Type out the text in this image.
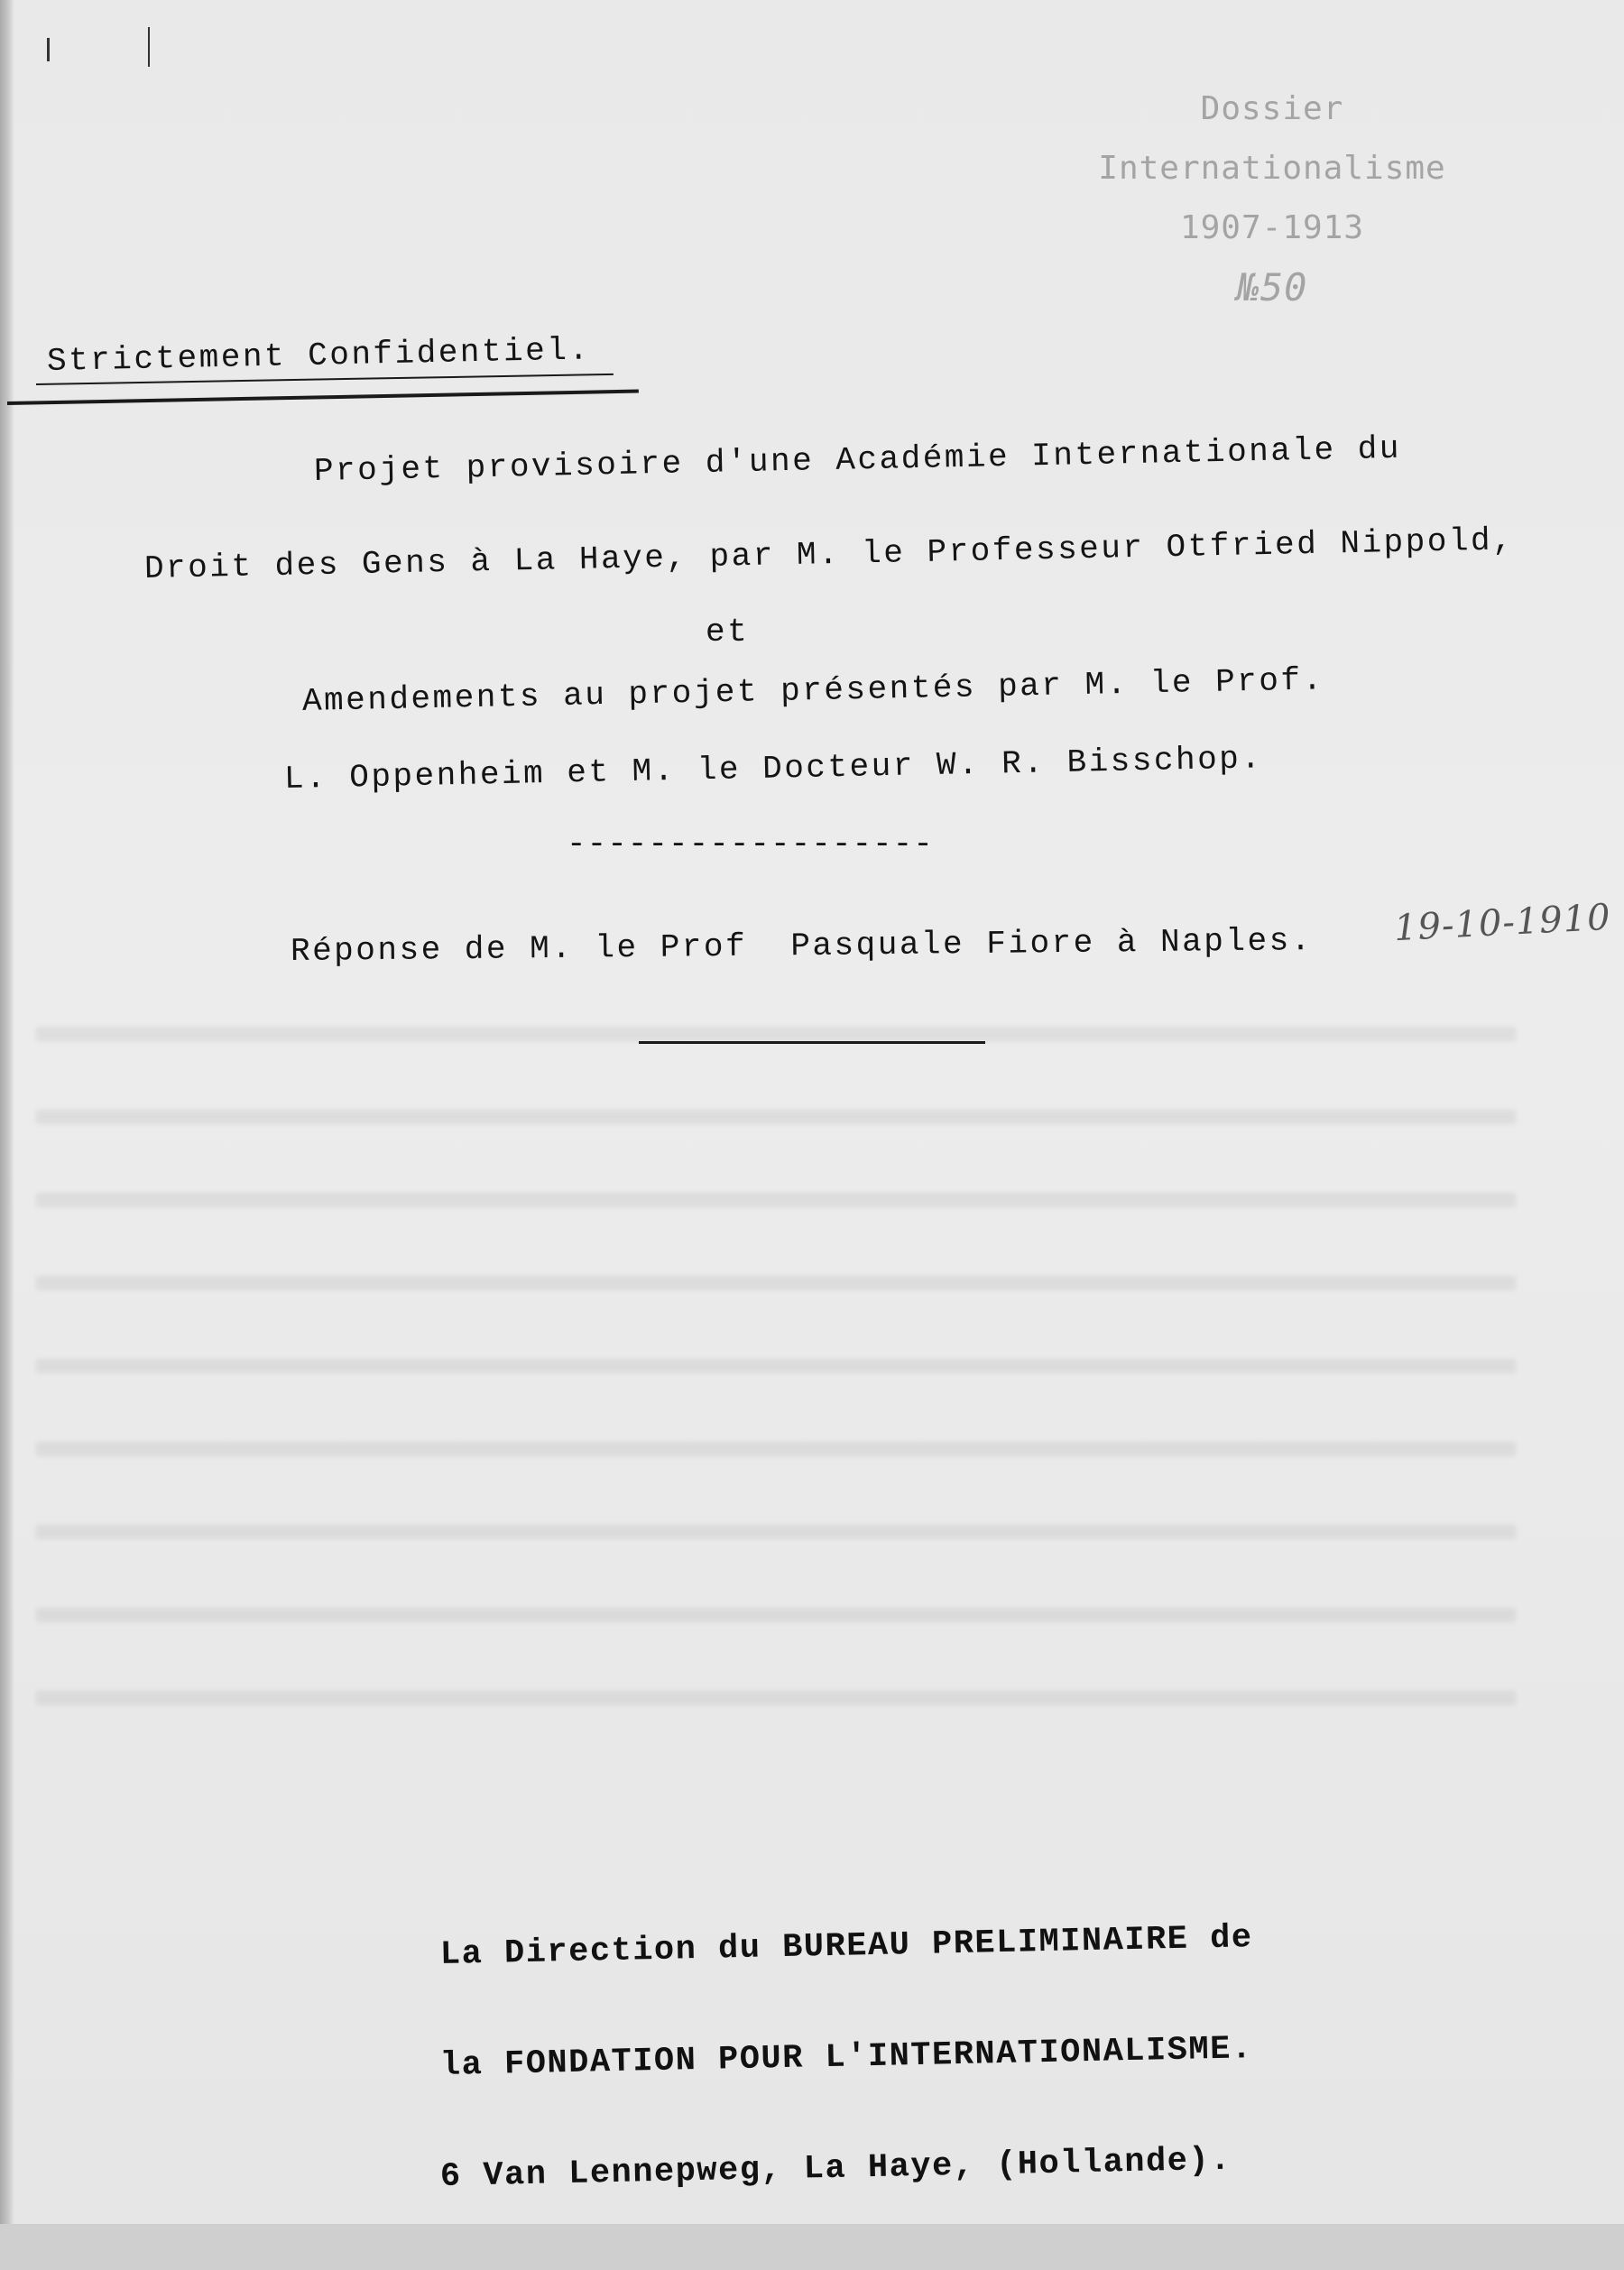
Dossier
Internationalisme
1907-1913
№50
Strictement Confidentiel.
Projet provisoire d'une Académie Internationale du
Droit des Gens à La Haye, par M. le Professeur Otfried Nippold,
et
Amendements au projet présentés par M. le Prof.
L. Oppenheim et M. le Docteur W. R. Bisschop.
------------------
Réponse de M. le Prof  Pasquale Fiore à Naples. 19-10-1910

La Direction du BUREAU PRELIMINAIRE de

la FONDATION POUR L'INTERNATIONALISME.

6 Van Lennepweg, La Haye, (Hollande).
